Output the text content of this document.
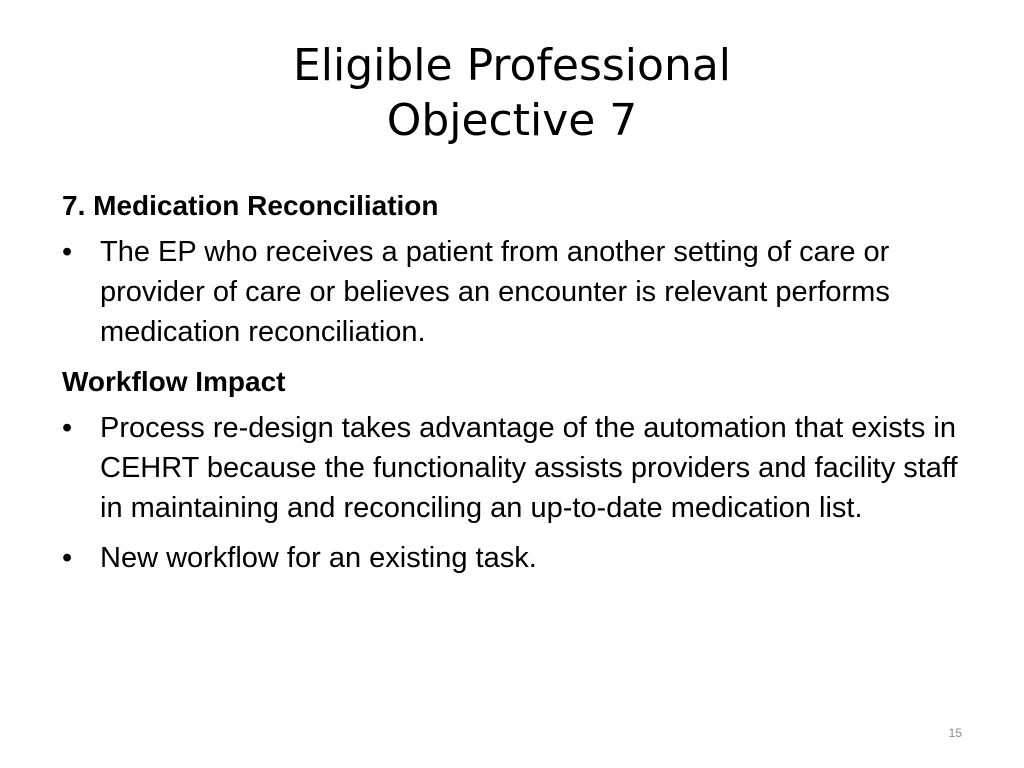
Eligible Professional
Objective 7
7. Medication Reconciliation
• The EP who receives a patient from another setting of care or provider of care or believes an encounter is relevant performs medication reconciliation.
Workflow Impact
• Process re-design takes advantage of the automation that exists in CEHRT because the functionality assists providers and facility staff in maintaining and reconciling an up-to-date medication list.
• New workflow for an existing task.
15
